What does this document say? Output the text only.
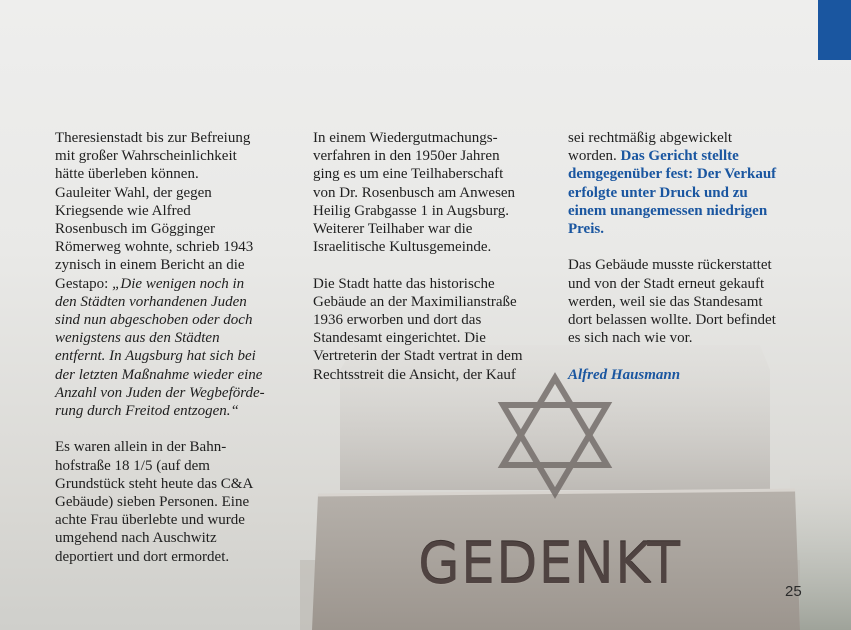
GEDENKT

Theresienstadt bis zur Befreiung
mit großer Wahrscheinlichkeit
hätte überleben können.
Gauleiter Wahl, der gegen
Kriegsende wie Alfred
Rosenbusch im Gögginger
Römerweg wohnte, schrieb 1943
zynisch in einem Bericht an die
Gestapo: „Die wenigen noch in
den Städten vorhandenen Juden
sind nun abgeschoben oder doch
wenigstens aus den Städten
entfernt. In Augsburg hat sich bei
der letzten Maßnahme wieder eine
Anzahl von Juden der Wegbeförde-
rung durch Freitod entzogen.“

Es waren allein in der Bahn-
hofstraße 18 1/5 (auf dem
Grundstück steht heute das C&A
Gebäude) sieben Personen. Eine
achte Frau überlebte und wurde
umgehend nach Auschwitz
deportiert und dort ermordet.

In einem Wiedergutmachungs-
verfahren in den 1950er Jahren
ging es um eine Teilhaberschaft
von Dr. Rosenbusch am Anwesen
Heilig Grabgasse 1 in Augsburg.
Weiterer Teilhaber war die
Israelitische Kultusgemeinde.

Die Stadt hatte das historische
Gebäude an der Maximilianstraße
1936 erworben und dort das
Standesamt eingerichtet. Die
Vertreterin der Stadt vertrat in dem
Rechtsstreit die Ansicht, der Kauf

sei rechtmäßig abgewickelt
worden. Das Gericht stellte
demgegenüber fest: Der Verkauf
erfolgte unter Druck und zu
einem unangemessen niedrigen
Preis.

Das Gebäude musste rückerstattet
und von der Stadt erneut gekauft
werden, weil sie das Standesamt
dort belassen wollte. Dort befindet
es sich nach wie vor.

Alfred Hausmann

25
